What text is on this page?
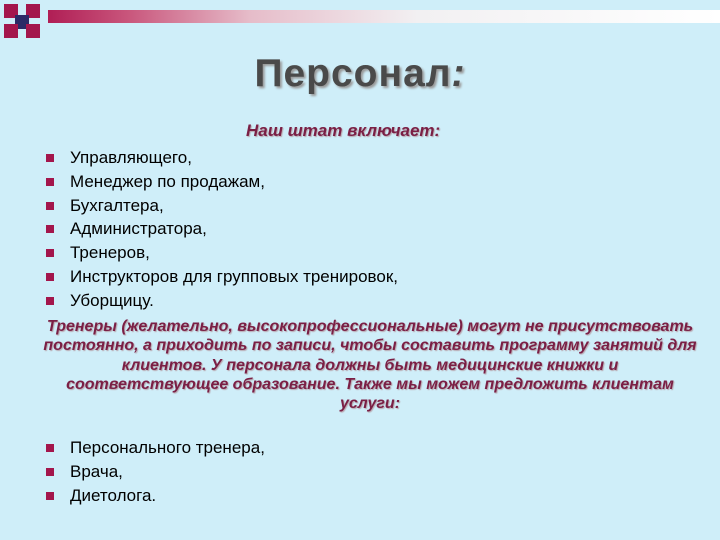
Персонал:
Наш штат включает:
Управляющего,
Менеджер по продажам,
Бухгалтера,
Администратора,
Тренеров,
Инструкторов для групповых тренировок,
Уборщицу.
Тренеры (желательно, высокопрофессиональные) могут не присутствовать постоянно, а приходить по записи, чтобы составить программу занятий для клиентов. У персонала должны быть медицинские книжки и соответствующее образование. Также мы можем предложить клиентам услуги:
Персонального тренера,
Врача,
Диетолога.
